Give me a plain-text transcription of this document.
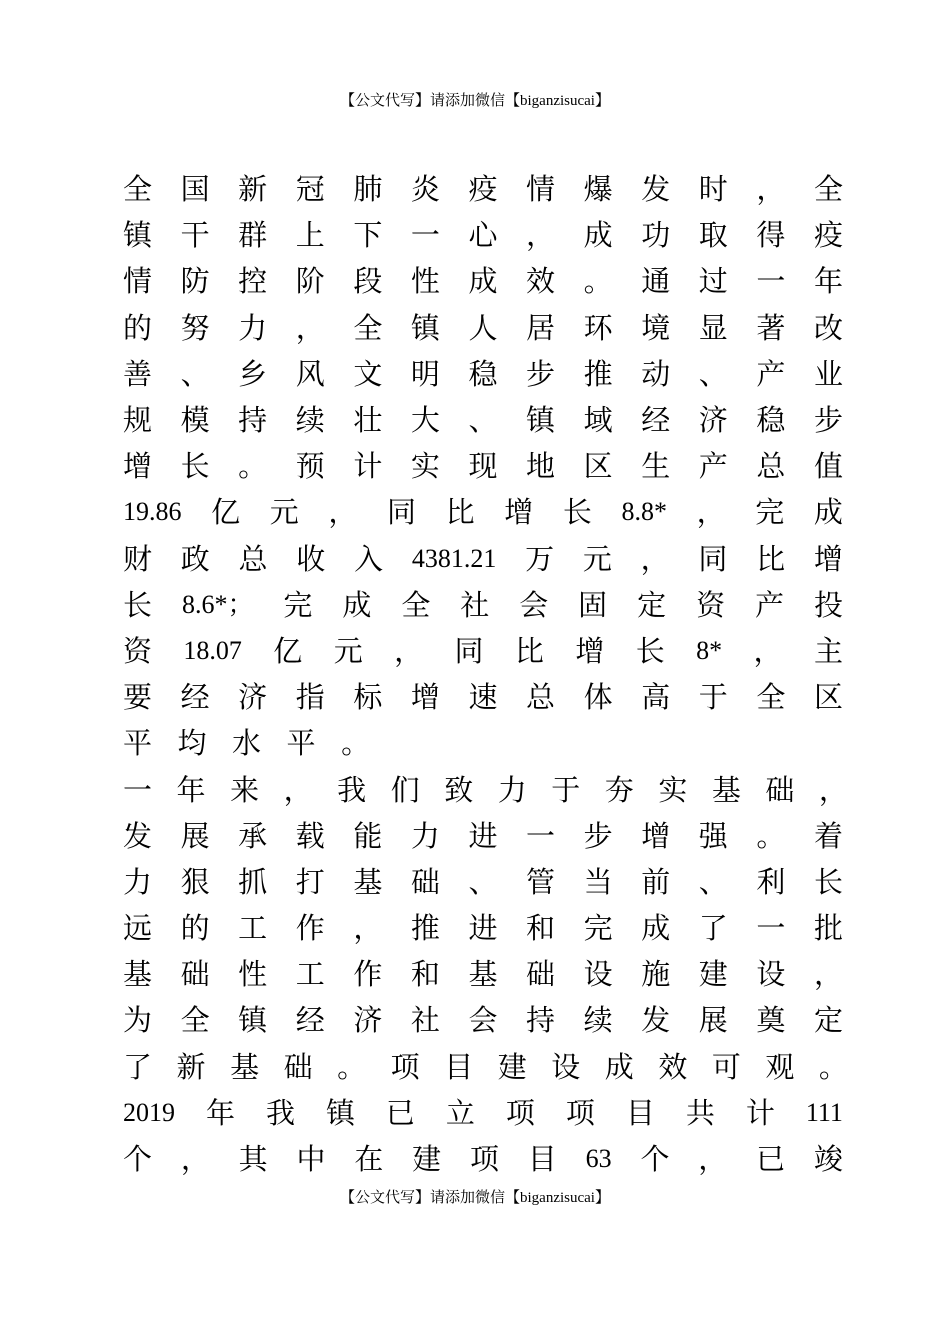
【公文代写】请添加微信【biganzisucai】
全 国 新 冠 肺 炎 疫 情 爆 发 时 ， 全
镇 干 群 上 下 一 心 ， 成 功 取 得 疫
情 防 控 阶 段 性 成 效 。 通 过 一 年
的 努 力 ， 全 镇 人 居 环 境 显 著 改
善 、 乡 风 文 明 稳 步 推 动 、 产 业
规 模 持 续 壮 大 、 镇 域 经 济 稳 步
增 长 。 预 计 实 现 地 区 生 产 总 值
19.86 亿 元 ， 同 比 增 长 8.8* ， 完 成
财 政 总 收 入 4381.21 万 元 ， 同 比 增
长 8.6*； 完 成 全 社 会 固 定 资 产 投
资 18.07 亿 元 ， 同 比 增 长 8* ， 主
要 经 济 指 标 增 速 总 体 高 于 全 区
平 均 水 平 。
一 年 来 ， 我 们 致 力 于 夯 实 基 础 ，
发 展 承 载 能 力 进 一 步 增 强 。 着
力 狠 抓 打 基 础 、 管 当 前 、 利 长
远 的 工 作 ， 推 进 和 完 成 了 一 批
基 础 性 工 作 和 基 础 设 施 建 设 ，
为 全 镇 经 济 社 会 持 续 发 展 奠 定
了 新 基 础 。 项 目 建 设 成 效 可 观 。
2019 年 我 镇 已 立 项 项 目 共 计 111
个 ， 其 中 在 建 项 目 63 个 ， 已 竣
【公文代写】请添加微信【biganzisucai】
